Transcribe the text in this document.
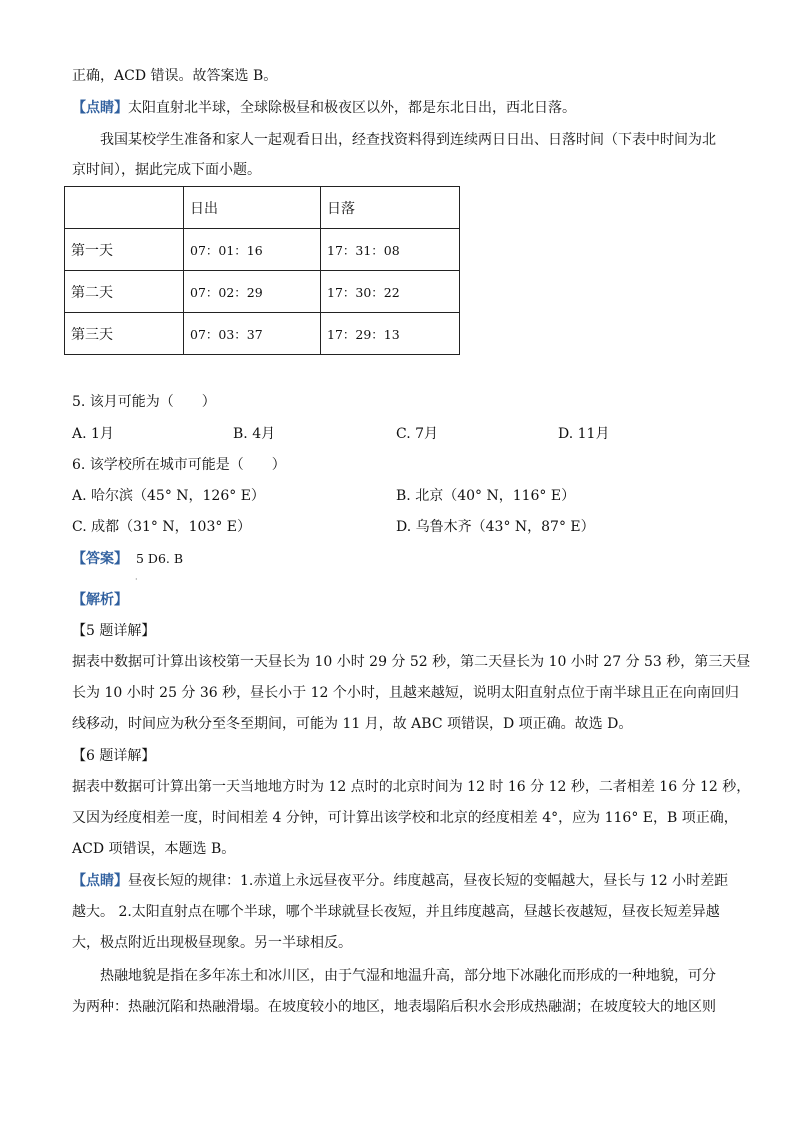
正确，ACD 错误。故答案选 B。
【点睛】太阳直射北半球，全球除极昼和极夜区以外，都是东北日出，西北日落。
我国某校学生准备和家人一起观看日出，经查找资料得到连续两日日出、日落时间（下表中时间为北
京时间），据此完成下面小题。
	日出	日落
第一天	07：01：16	17：31：08
第二天	07：02：29	17：30：22
第三天	07：03：37	17：29：13
5. 该月可能为（　　）
A. 1月	B. 4月	C. 7月	D. 11月
6. 该学校所在城市可能是（　　）
A. 哈尔滨（45° N，126° E）	B. 北京（40° N，116° E）
C. 成都（31° N，103° E）	D. 乌鲁木齐（43° N，87° E）
【答案】 5 D6. B
·
【解析】
【5 题详解】
据表中数据可计算出该校第一天昼长为 10 小时 29 分 52 秒，第二天昼长为 10 小时 27 分 53 秒，第三天昼
长为 10 小时 25 分 36 秒，昼长小于 12 个小时，且越来越短，说明太阳直射点位于南半球且正在向南回归
线移动，时间应为秋分至冬至期间，可能为 11 月，故 ABC 项错误，D 项正确。故选 D。
【6 题详解】
据表中数据可计算出第一天当地地方时为 12 点时的北京时间为 12 时 16 分 12 秒，二者相差 16 分 12 秒，
又因为经度相差一度，时间相差 4 分钟，可计算出该学校和北京的经度相差 4°，应为 116° E，B 项正确，
ACD 项错误，本题选 B。
【点睛】昼夜长短的规律：1.赤道上永远昼夜平分。纬度越高，昼夜长短的变幅越大，昼长与 12 小时差距
越大。 2.太阳直射点在哪个半球，哪个半球就昼长夜短，并且纬度越高，昼越长夜越短，昼夜长短差异越
大，极点附近出现极昼现象。另一半球相反。
热融地貌是指在多年冻土和冰川区，由于气湿和地温升高，部分地下冰融化而形成的一种地貌，可分
为两种：热融沉陷和热融滑塌。在坡度较小的地区，地表塌陷后积水会形成热融湖；在坡度较大的地区则
